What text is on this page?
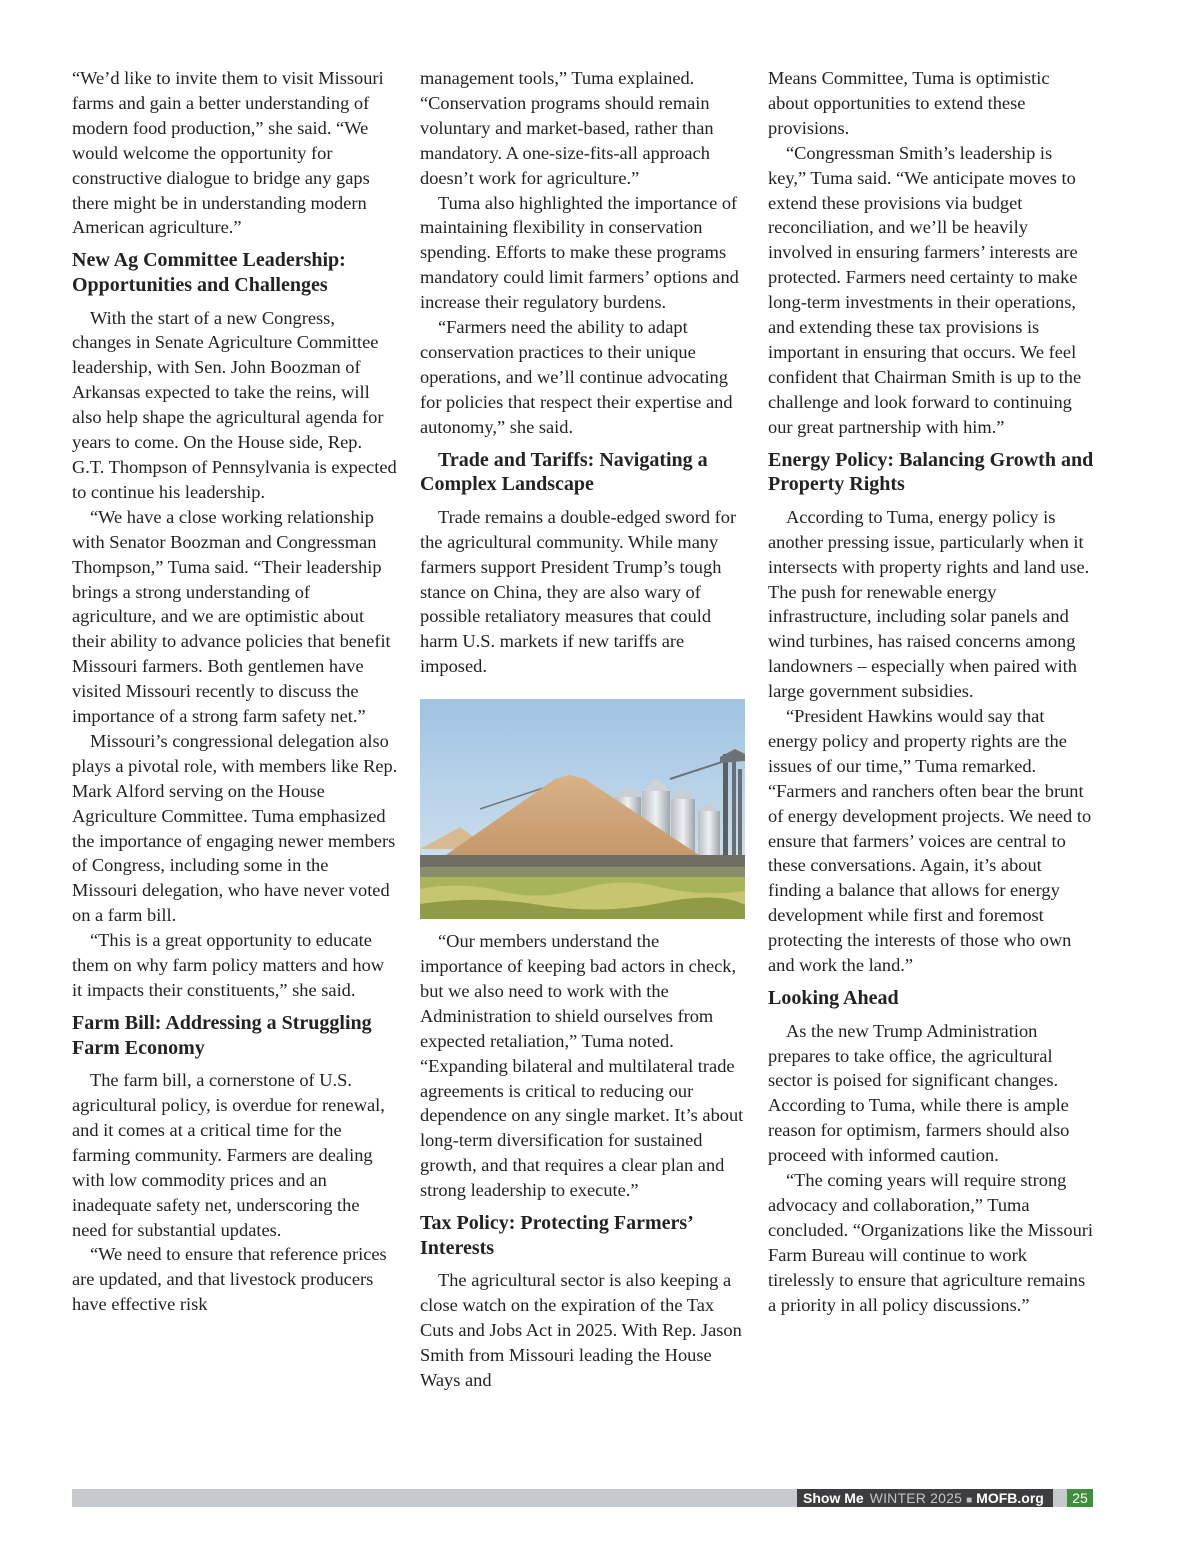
“We’d like to invite them to visit Missouri farms and gain a better understanding of modern food production,” she said. “We would welcome the opportunity for constructive dialogue to bridge any gaps there might be in understanding modern American agriculture.”

New Ag Committee Leadership: Opportunities and Challenges

With the start of a new Congress, changes in Senate Agriculture Committee leadership, with Sen. John Boozman of Arkansas expected to take the reins, will also help shape the agricultural agenda for years to come. On the House side, Rep. G.T. Thompson of Pennsylvania is expected to continue his leadership.

“We have a close working relationship with Senator Boozman and Congressman Thompson,” Tuma said. “Their leadership brings a strong understanding of agriculture, and we are optimistic about their ability to advance policies that benefit Missouri farmers. Both gentlemen have visited Missouri recently to discuss the importance of a strong farm safety net.”

Missouri’s congressional delegation also plays a pivotal role, with members like Rep. Mark Alford serving on the House Agriculture Committee. Tuma emphasized the importance of engaging newer members of Congress, including some in the Missouri delegation, who have never voted on a farm bill.

“This is a great opportunity to educate them on why farm policy matters and how it impacts their constituents,” she said.

Farm Bill: Addressing a Struggling Farm Economy

The farm bill, a cornerstone of U.S. agricultural policy, is overdue for renewal, and it comes at a critical time for the farming community. Farmers are dealing with low commodity prices and an inadequate safety net, underscoring the need for substantial updates.

“We need to ensure that reference prices are updated, and that livestock producers have effective risk

management tools,” Tuma explained. “Conservation programs should remain voluntary and market-based, rather than mandatory. A one-size-fits-all approach doesn’t work for agriculture.”

Tuma also highlighted the importance of maintaining flexibility in conservation spending. Efforts to make these programs mandatory could limit farmers’ options and increase their regulatory burdens.

“Farmers need the ability to adapt conservation practices to their unique operations, and we’ll continue advocating for policies that respect their expertise and autonomy,” she said.

Trade and Tariffs: Navigating a Complex Landscape

Trade remains a double-edged sword for the agricultural community. While many farmers support President Trump’s tough stance on China, they are also wary of possible retaliatory measures that could harm U.S. markets if new tariffs are imposed.

“Our members understand the importance of keeping bad actors in check, but we also need to work with the Administration to shield ourselves from expected retaliation,” Tuma noted. “Expanding bilateral and multilateral trade agreements is critical to reducing our dependence on any single market. It’s about long-term diversification for sustained growth, and that requires a clear plan and strong leadership to execute.”

Tax Policy: Protecting Farmers’ Interests

The agricultural sector is also keeping a close watch on the expiration of the Tax Cuts and Jobs Act in 2025. With Rep. Jason Smith from Missouri leading the House Ways and

Means Committee, Tuma is optimistic about opportunities to extend these provisions.

“Congressman Smith’s leadership is key,” Tuma said. “We anticipate moves to extend these provisions via budget reconciliation, and we’ll be heavily involved in ensuring farmers’ interests are protected. Farmers need certainty to make long-term investments in their operations, and extending these tax provisions is important in ensuring that occurs. We feel confident that Chairman Smith is up to the challenge and look forward to continuing our great partnership with him.”

Energy Policy: Balancing Growth and Property Rights

According to Tuma, energy policy is another pressing issue, particularly when it intersects with property rights and land use. The push for renewable energy infrastructure, including solar panels and wind turbines, has raised concerns among landowners – especially when paired with large government subsidies.

“President Hawkins would say that energy policy and property rights are the issues of our time,” Tuma remarked. “Farmers and ranchers often bear the brunt of energy development projects. We need to ensure that farmers’ voices are central to these conversations. Again, it’s about finding a balance that allows for energy development while first and foremost protecting the interests of those who own and work the land.”

Looking Ahead

As the new Trump Administration prepares to take office, the agricultural sector is poised for significant changes. According to Tuma, while there is ample reason for optimism, farmers should also proceed with informed caution.

“The coming years will require strong advocacy and collaboration,” Tuma concluded. “Organizations like the Missouri Farm Bureau will continue to work tirelessly to ensure that agriculture remains a priority in all policy discussions.”

Show Me WINTER 2025 ■ MOFB.org	25
